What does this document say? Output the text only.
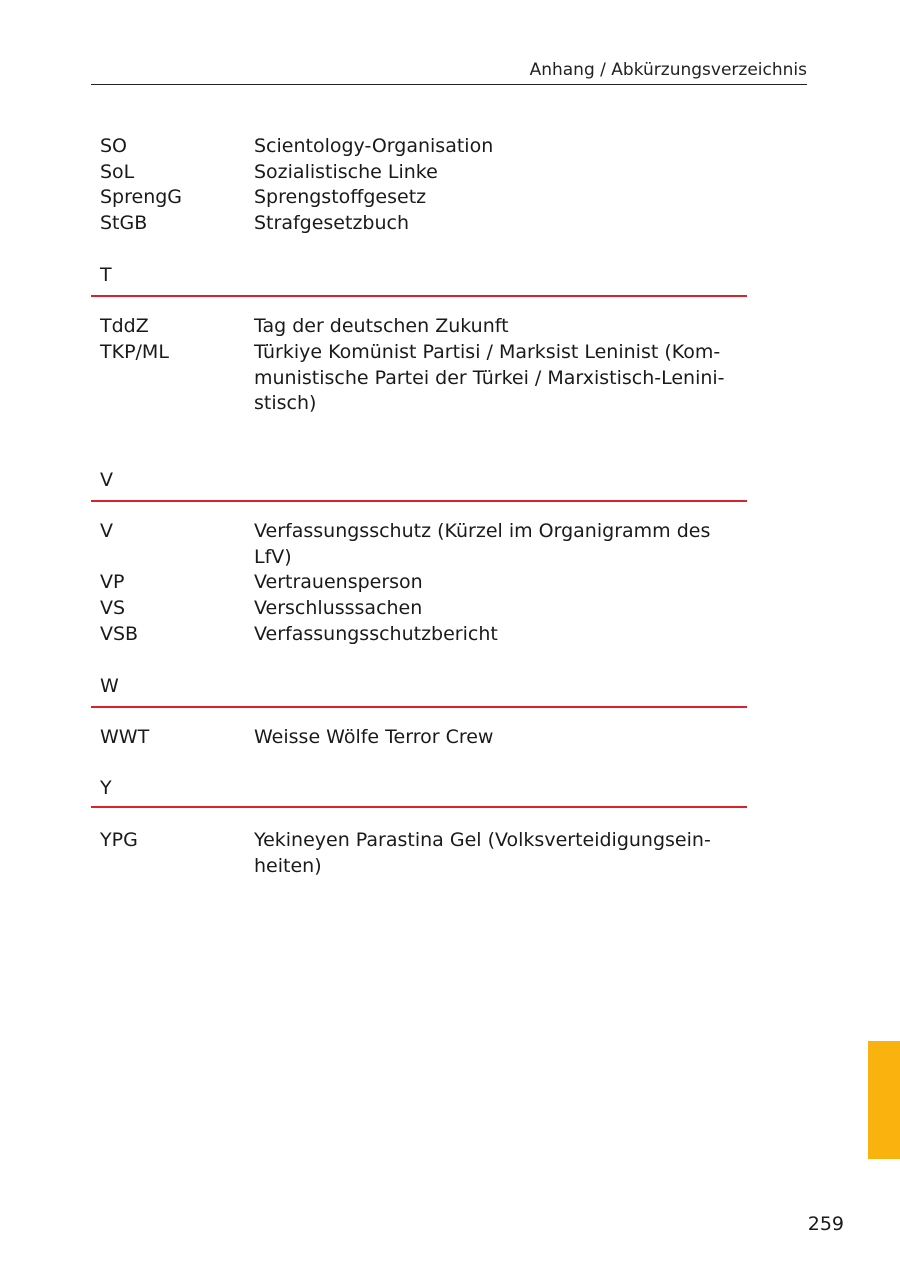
Anhang / Abkürzungsverzeichnis
SO	Scientology-Organisation
SoL	Sozialistische Linke
SprengG	Sprengstoffgesetz
StGB	Strafgesetzbuch
T
TddZ	Tag der deutschen Zukunft
TKP/ML	Türkiye Komünist Partisi / Marksist Leninist (Kom-
munistische Partei der Türkei / Marxistisch-Lenini-
stisch)
V
V	Verfassungsschutz (Kürzel im Organigramm des
LfV)
VP	Vertrauensperson
VS	Verschlusssachen
VSB	Verfassungsschutzbericht
W
WWT	Weisse Wölfe Terror Crew
Y
YPG	Yekineyen Parastina Gel (Volksverteidigungsein-
heiten)
259
